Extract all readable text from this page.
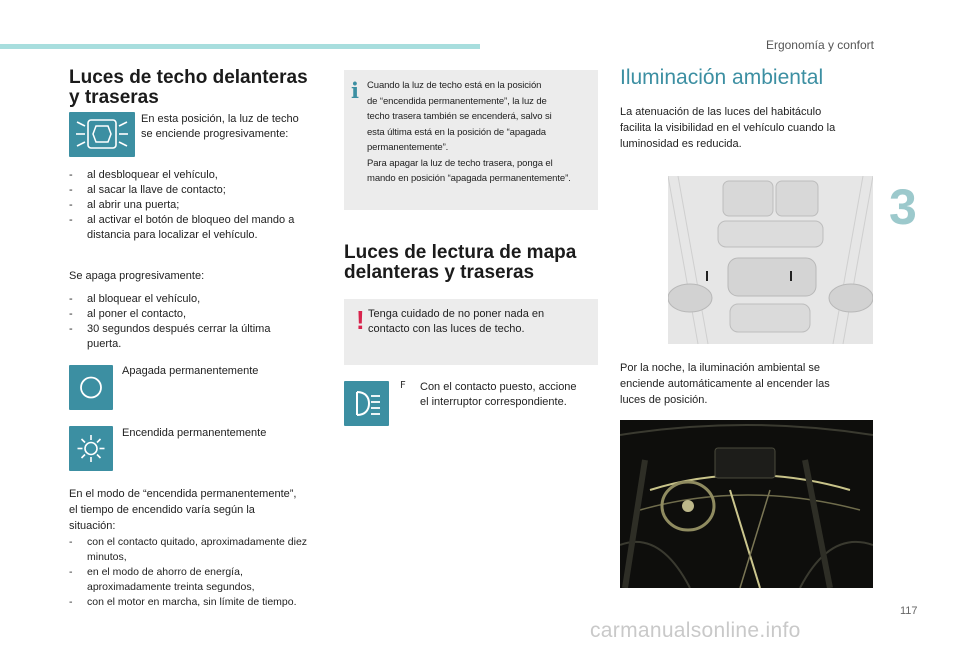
Ergonomía y confort
3
117
carmanualsonline.info
Luces de techo delanteras
y traseras

En esta posición, la luz de techo
se enciende progresivamente:

- al desbloquear el vehículo,
- al sacar la llave de contacto;
- al abrir una puerta;
- al activar el botón de bloqueo del mando a distancia para localizar el vehículo.

Se apaga progresivamente:

- al bloquear el vehículo,
- al poner el contacto,
- 30 segundos después cerrar la última puerta.

Apagada permanentemente

Encendida permanentemente

En el modo de “encendida permanentemente”,
el tiempo de encendido varía según la
situación:

- con el contacto quitado, aproximadamente diez minutos,
- en el modo de ahorro de energía, aproximadamente treinta segundos,
- con el motor en marcha, sin límite de tiempo.
i Cuando la luz de techo está en la posición
de “encendida permanentemente”, la luz de
techo trasera también se encenderá, salvo si
esta última está en la posición de “apagada
permanentemente”.
Para apagar la luz de techo trasera, ponga el
mando en posición “apagada permanentemente”.
Luces de lectura de mapa
delanteras y traseras
! Tenga cuidado de no poner nada en
contacto con las luces de techo.

F Con el contacto puesto, accione
el interruptor correspondiente.

Iluminación ambiental

La atenuación de las luces del habitáculo
facilita la visibilidad en el vehículo cuando la
luminosidad es reducida.

Por la noche, la iluminación ambiental se
enciende automáticamente al encender las
luces de posición.
